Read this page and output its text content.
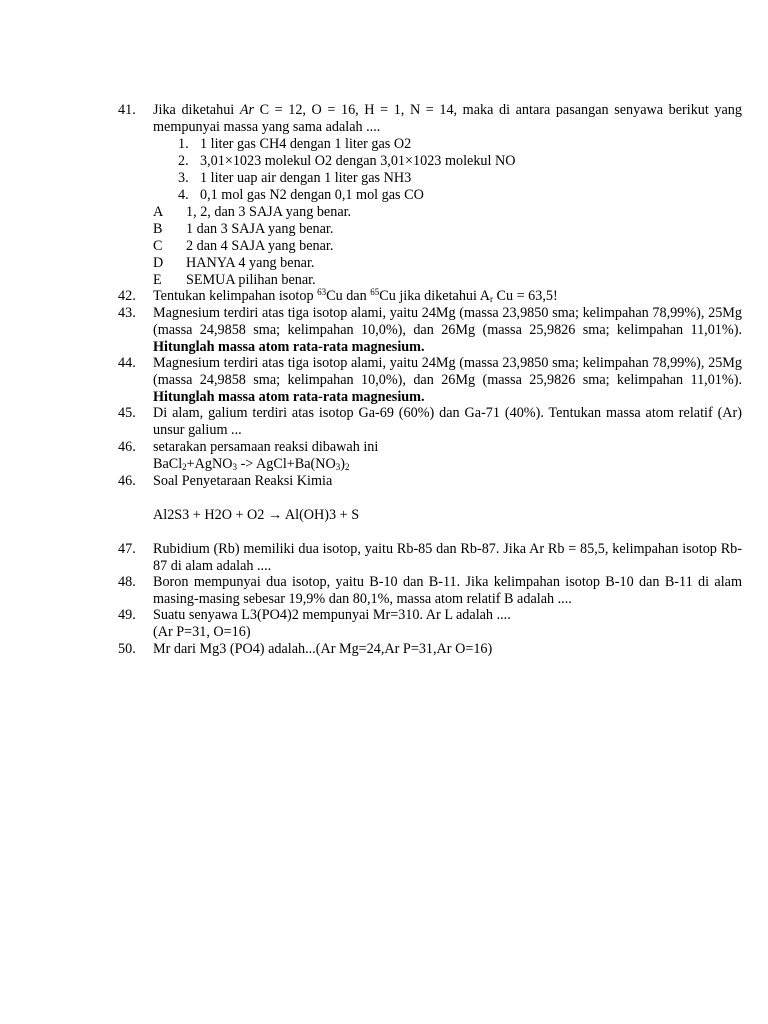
41.	Jika diketahui Ar C = 12, O = 16, H = 1, N = 14, maka di antara pasangan senyawa berikut yang mempunyai massa yang sama adalah ....
1. 1 liter gas CH4 dengan 1 liter gas O2
2. 3,01×1023 molekul O2 dengan 3,01×1023 molekul NO
3. 1 liter uap air dengan 1 liter gas NH3
4. 0,1 mol gas N2 dengan 0,1 mol gas CO
A 1, 2, dan 3 SAJA yang benar.
B 1 dan 3 SAJA yang benar.
C 2 dan 4 SAJA yang benar.
D HANYA 4 yang benar.
E SEMUA pilihan benar.
42.	Tentukan kelimpahan isotop $^{63}$Cu dan $^{65}$Cu jika diketahui $A_r$ Cu = 63,5!
43.	Magnesium terdiri atas tiga isotop alami, yaitu 24Mg (massa 23,9850 sma; kelimpahan 78,99%), 25Mg (massa 24,9858 sma; kelimpahan 10,0%), dan 26Mg (massa 25,9826 sma; kelimpahan 11,01%). Hitunglah massa atom rata-rata magnesium.
44.	Magnesium terdiri atas tiga isotop alami, yaitu 24Mg (massa 23,9850 sma; kelimpahan 78,99%), 25Mg (massa 24,9858 sma; kelimpahan 10,0%), dan 26Mg (massa 25,9826 sma; kelimpahan 11,01%). Hitunglah massa atom rata-rata magnesium.
45.	Di alam, galium terdiri atas isotop Ga-69 (60%) dan Ga-71 (40%). Tentukan massa atom relatif (Ar) unsur galium ...
46.	setarakan persamaan reaksi dibawah ini
BaCl$_2$+AgNO$_3$ -> $AgCl+Ba(NO_3)_2$
46.	Soal Penyetaraan Reaksi Kimia
Al2S3 + H2O + O2 → Al(OH)3 + S
47.	Rubidium (Rb) memiliki dua isotop, yaitu Rb-85 dan Rb-87. Jika Ar Rb = 85,5, kelimpahan isotop Rb-87 di alam adalah ....
48.	Boron mempunyai dua isotop, yaitu B-10 dan B-11. Jika kelimpahan isotop B-10 dan B-11 di alam masing-masing sebesar 19,9% dan 80,1%, massa atom relatif B adalah ....
49.	Suatu senyawa L3(PO4)2 mempunyai Mr=310. Ar L adalah ....
(Ar P=31, O=16)
50.	Mr dari Mg3 (PO4) adalah...(Ar Mg=24,Ar P=31,Ar O=16)
